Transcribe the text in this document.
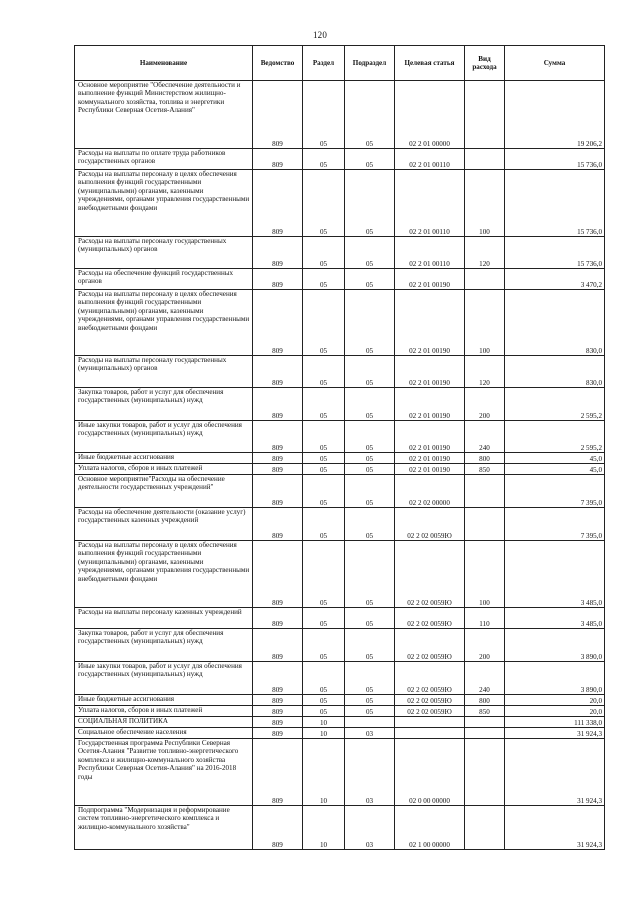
120
Наименование	Ведомство	Раздел	Подраздел	Целевая статья	Вид расхода	Сумма
Основное мероприятие "Обеспечение деятельности и выполнение функций Министерством жилищно-коммунального хозяйства, топлива и энергетики Республики Северная Осетия-Алания"	809	05	05	02 2 01 00000		19 206,2
Расходы на выплаты по оплате труда работников государственных органов	809	05	05	02 2 01 00110		15 736,0
Расходы на выплаты персоналу в целях обеспечения выполнения функций государственными (муниципальными) органами, казенными учреждениями, органами управления государственными внебюджетными фондами	809	05	05	02 2 01 00110	100	15 736,0
Расходы на выплаты персоналу государственных (муниципальных) органов	809	05	05	02 2 01 00110	120	15 736,0
Расходы на обеспечение функций государственных органов	809	05	05	02 2 01 00190		3 470,2
Расходы на выплаты персоналу в целях обеспечения выполнения функций государственными (муниципальными) органами, казенными учреждениями, органами управления государственными внебюджетными фондами	809	05	05	02 2 01 00190	100	830,0
Расходы на выплаты персоналу государственных (муниципальных) органов	809	05	05	02 2 01 00190	120	830,0
Закупка товаров, работ и услуг для обеспечения государственных (муниципальных) нужд	809	05	05	02 2 01 00190	200	2 595,2
Иные закупки товаров, работ и услуг для обеспечения государственных (муниципальных) нужд	809	05	05	02 2 01 00190	240	2 595,2
Иные бюджетные ассигнования	809	05	05	02 2 01 00190	800	45,0
Уплата налогов, сборов и иных платежей	809	05	05	02 2 01 00190	850	45,0
Основное мероприятие"Расходы на обеспечение деятельности государственных учреждений"	809	05	05	02 2 02 00000		7 395,0
Расходы на обеспечение деятельности (оказание услуг) государственных казенных учреждений	809	05	05	02 2 02 0059Ю		7 395,0
Расходы на выплаты персоналу в целях обеспечения выполнения функций государственными (муниципальными) органами, казенными учреждениями, органами управления государственными внебюджетными фондами	809	05	05	02 2 02 0059Ю	100	3 485,0
Расходы на выплаты персоналу казенных учреждений	809	05	05	02 2 02 0059Ю	110	3 485,0
Закупка товаров, работ и услуг для обеспечения государственных (муниципальных) нужд	809	05	05	02 2 02 0059Ю	200	3 890,0
Иные закупки товаров, работ и услуг для обеспечения государственных (муниципальных) нужд	809	05	05	02 2 02 0059Ю	240	3 890,0
Иные бюджетные ассигнования	809	05	05	02 2 02 0059Ю	800	20,0
Уплата налогов, сборов и иных платежей	809	05	05	02 2 02 0059Ю	850	20,0
СОЦИАЛЬНАЯ ПОЛИТИКА	809	10				111 338,0
Социальное обеспечение населения	809	10	03			31 924,3
Государственная программа Республики Северная Осетия-Алания "Развитие топливно-энергетического комплекса и жилищно-коммунального хозяйства Республики Северная Осетия-Алания" на 2016-2018 годы	809	10	03	02 0 00 00000		31 924,3
Подпрограмма "Модернизация и реформирование систем топливно-энергетического комплекса и жилищно-коммунального хозяйства"	809	10	03	02 1 00 00000		31 924,3
